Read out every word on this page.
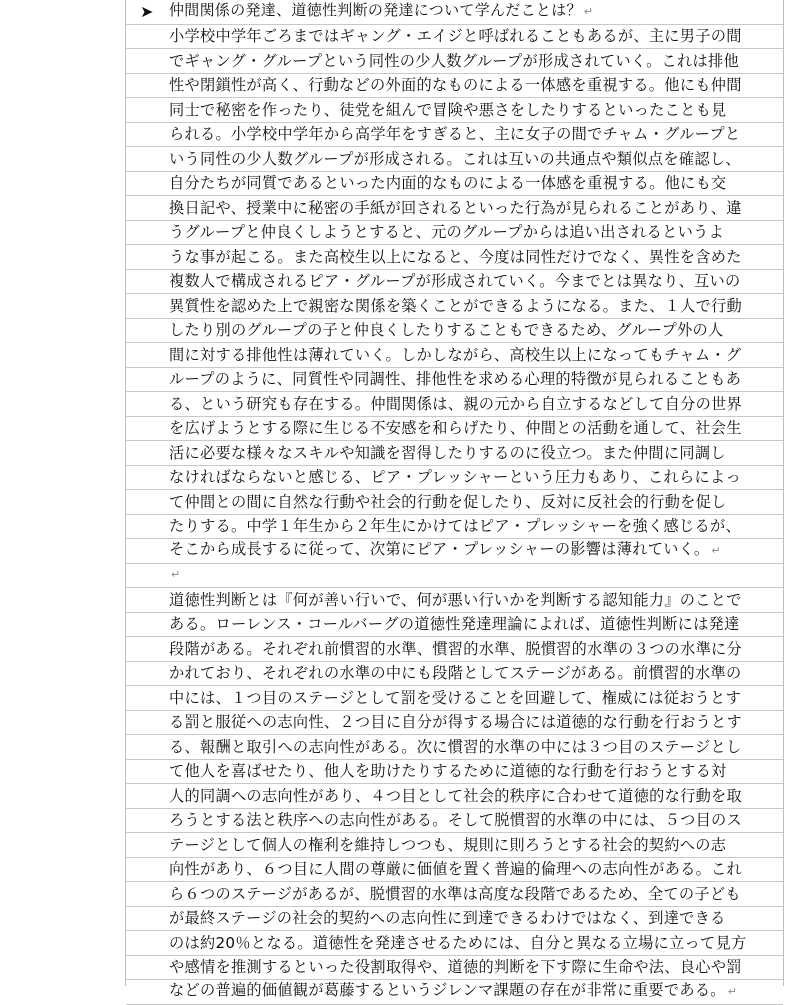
➤ 仲間関係の発達、道徳性判断の発達について学んだことは？ ↵
小学校中学年ごろまではギャング・エイジと呼ばれることもあるが、主に男子の間
でギャング・グループという同性の少人数グループが形成されていく。これは排他
性や閉鎖性が高く、行動などの外面的なものによる一体感を重視する。他にも仲間
同士で秘密を作ったり、徒党を組んで冒険や悪さをしたりするといったことも見
られる。小学校中学年から高学年をすぎると、主に女子の間でチャム・グループと
いう同性の少人数グループが形成される。これは互いの共通点や類似点を確認し、
自分たちが同質であるといった内面的なものによる一体感を重視する。他にも交
換日記や、授業中に秘密の手紙が回されるといった行為が見られることがあり、違
うグループと仲良くしようとすると、元のグループからは追い出されるというよ
うな事が起こる。また高校生以上になると、今度は同性だけでなく、異性を含めた
複数人で構成されるピア・グループが形成されていく。今までとは異なり、互いの
異質性を認めた上で親密な関係を築くことができるようになる。また、１人で行動
したり別のグループの子と仲良くしたりすることもできるため、グループ外の人
間に対する排他性は薄れていく。しかしながら、高校生以上になってもチャム・グ
ループのように、同質性や同調性、排他性を求める心理的特徴が見られることもあ
る、という研究も存在する。仲間関係は、親の元から自立するなどして自分の世界
を広げようとする際に生じる不安感を和らげたり、仲間との活動を通して、社会生
活に必要な様々なスキルや知識を習得したりするのに役立つ。また仲間に同調し
なければならないと感じる、ピア・プレッシャーという圧力もあり、これらによっ
て仲間との間に自然な行動や社会的行動を促したり、反対に反社会的行動を促し
たりする。中学１年生から２年生にかけてはピア・プレッシャーを強く感じるが、
そこから成長するに従って、次第にピア・プレッシャーの影響は薄れていく。 ↵
↵
道徳性判断とは『何が善い行いで、何が悪い行いかを判断する認知能力』のことで
ある。ローレンス・コールバーグの道徳性発達理論によれば、道徳性判断には発達
段階がある。それぞれ前慣習的水準、慣習的水準、脱慣習的水準の３つの水準に分
かれており、それぞれの水準の中にも段階としてステージがある。前慣習的水準の
中には、１つ目のステージとして罰を受けることを回避して、権威には従おうとす
る罰と服従への志向性、２つ目に自分が得する場合には道徳的な行動を行おうとす
る、報酬と取引への志向性がある。次に慣習的水準の中には３つ目のステージとし
て他人を喜ばせたり、他人を助けたりするために道徳的な行動を行おうとする対
人的同調への志向性があり、４つ目として社会的秩序に合わせて道徳的な行動を取
ろうとする法と秩序への志向性がある。そして脱慣習的水準の中には、５つ目のス
テージとして個人の権利を維持しつつも、規則に則ろうとする社会的契約への志
向性があり、６つ目に人間の尊厳に価値を置く普遍的倫理への志向性がある。これ
ら６つのステージがあるが、脱慣習的水準は高度な段階であるため、全ての子ども
が最終ステージの社会的契約への志向性に到達できるわけではなく、到達できる
のは約20％となる。道徳性を発達させるためには、自分と異なる立場に立って見方
や感情を推測するといった役割取得や、道徳的判断を下す際に生命や法、良心や罰
などの普遍的価値観が葛藤するというジレンマ課題の存在が非常に重要である。 ↵
